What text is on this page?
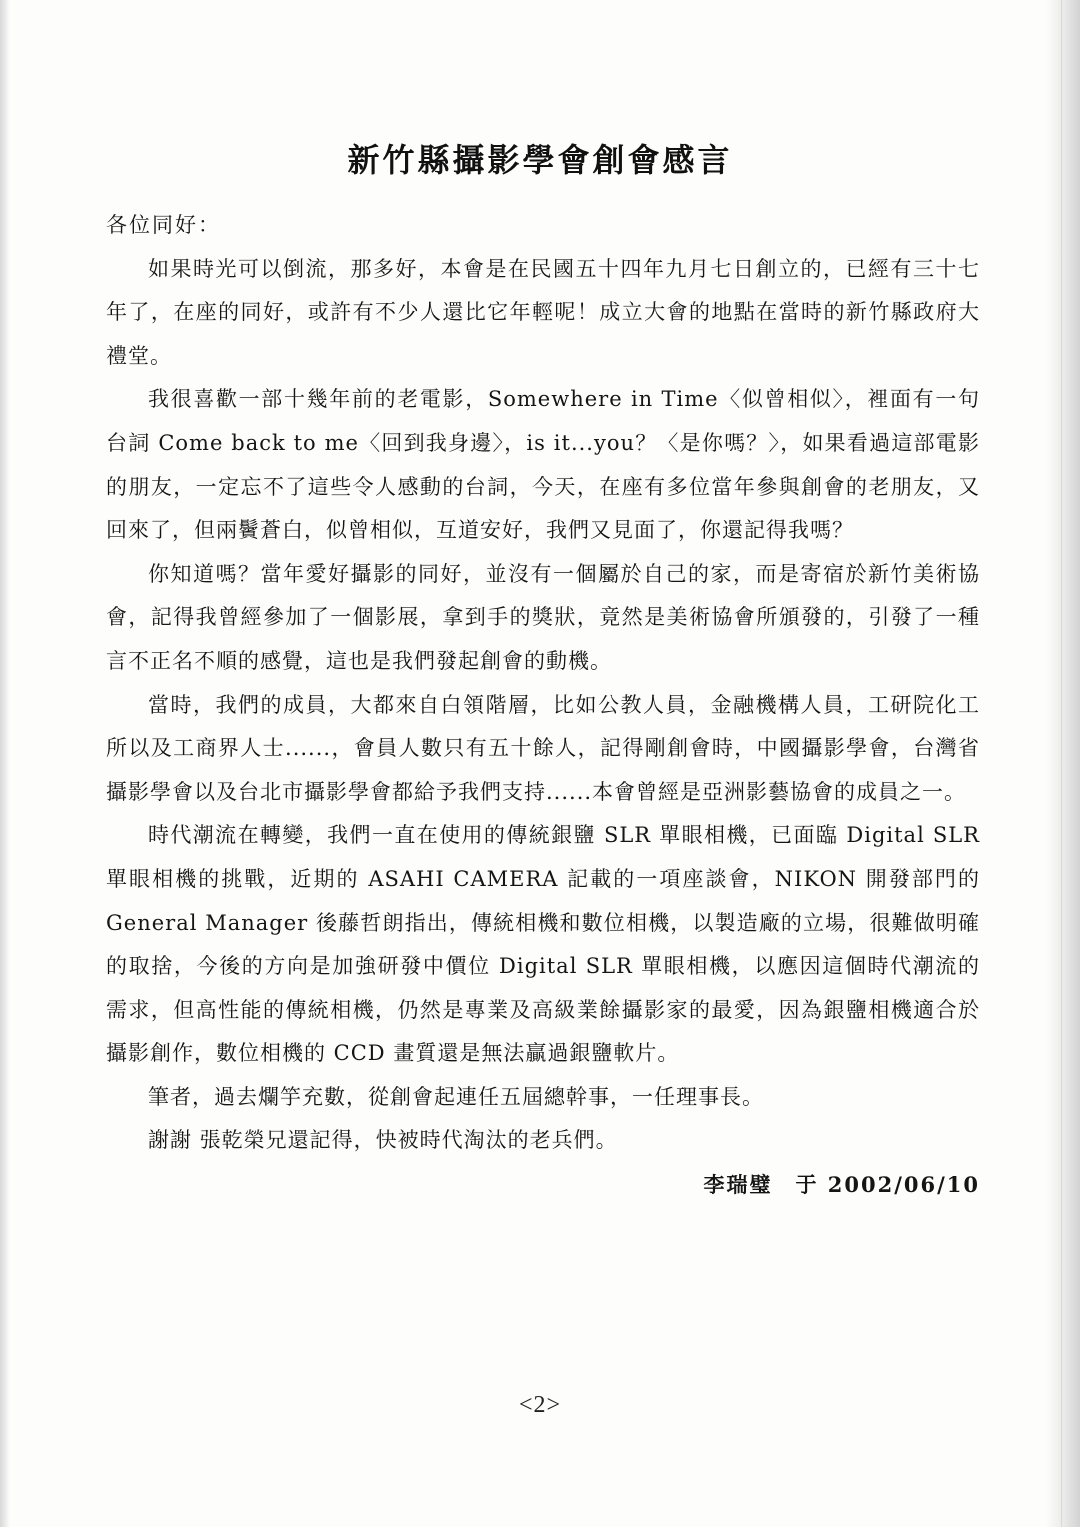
新竹縣攝影學會創會感言

各位同好：

如果時光可以倒流，那多好，本會是在民國五十四年九月七日創立的，已經有三十七年了，在座的同好，或許有不少人還比它年輕呢！成立大會的地點在當時的新竹縣政府大禮堂。

我很喜歡一部十幾年前的老電影，Somewhere in Time〈似曾相似〉，裡面有一句台詞 Come back to me〈回到我身邊〉，is it...you？〈是你嗎？〉，如果看過這部電影的朋友，一定忘不了這些令人感動的台詞，今天，在座有多位當年參與創會的老朋友，又回來了，但兩鬢蒼白，似曾相似，互道安好，我們又見面了，你還記得我嗎？

你知道嗎？當年愛好攝影的同好，並沒有一個屬於自己的家，而是寄宿於新竹美術協會，記得我曾經參加了一個影展，拿到手的獎狀，竟然是美術協會所頒發的，引發了一種言不正名不順的感覺，這也是我們發起創會的動機。

當時，我們的成員，大都來自白領階層，比如公教人員，金融機構人員，工研院化工所以及工商界人士......，會員人數只有五十餘人，記得剛創會時，中國攝影學會，台灣省攝影學會以及台北市攝影學會都給予我們支持......本會曾經是亞洲影藝協會的成員之一。

時代潮流在轉變，我們一直在使用的傳統銀鹽 SLR 單眼相機，已面臨 Digital SLR 單眼相機的挑戰，近期的 ASAHI CAMERA 記載的一項座談會，NIKON 開發部門的 General Manager 後藤哲朗指出，傳統相機和數位相機，以製造廠的立場，很難做明確的取捨，今後的方向是加強研發中價位 Digital SLR 單眼相機，以應因這個時代潮流的需求，但高性能的傳統相機，仍然是專業及高級業餘攝影家的最愛，因為銀鹽相機適合於攝影創作，數位相機的 CCD 畫質還是無法贏過銀鹽軟片。

筆者，過去爛竽充數，從創會起連任五屆總幹事，一任理事長。

謝謝 張乾榮兄還記得，快被時代淘汰的老兵們。

李瑞璧　于 2002/06/10

<2>
